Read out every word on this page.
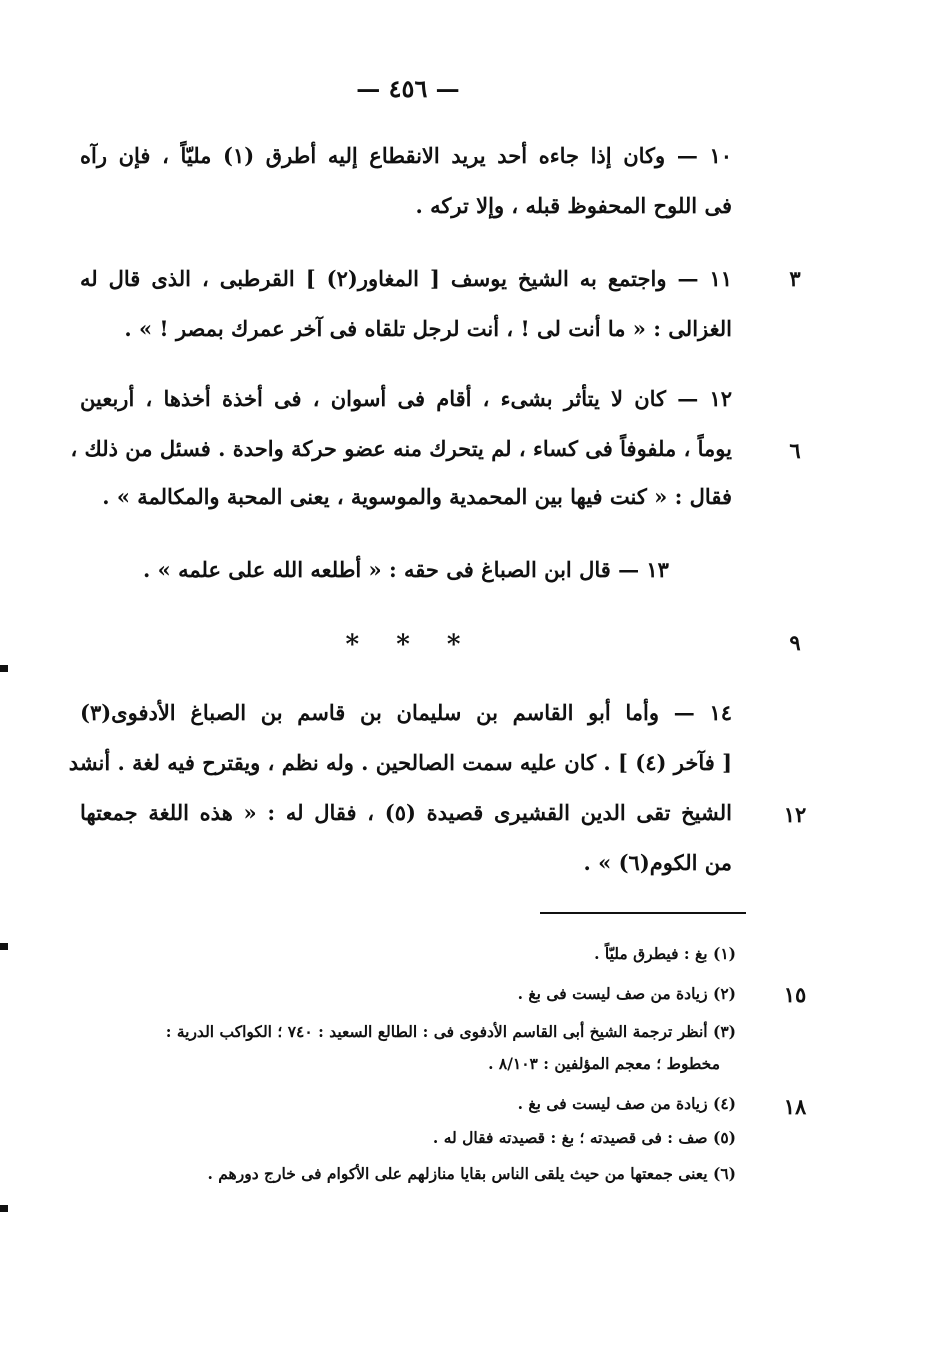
— ٤٥٦ —
١٠ — وكان إذا جاءه أحد يريد الانقطاع إليه أطرق (١) مليّاً ، فإن رآه
فى اللوح المحفوظ قبله ، وإلا تركه .
١١ — واجتمع به الشيخ يوسف [ المغاور(٢) ] القرطبى ، الذى قال له
الغزالى : « ما أنت لى ! ، أنت لرجل تلقاه فى آخر عمرك بمصر ! » .
٣
١٢ — كان لا يتأثر بشىء ، أقام فى أسوان ، فى أخذة أخذها ، أربعين
يوماً ، ملفوفاً فى كساء ، لم يتحرك منه عضو حركة واحدة . فسئل من ذلك ،
فقال : « كنت فيها بين المحمدية والموسوية ، يعنى المحبة والمكالمة » .
٦
١٣ — قال ابن الصباغ فى حقه : « أطلعه الله على علمه » .
* * *	٩
١٤ — وأما أبو القاسم بن سليمان بن قاسم بن الصباغ الأدفوى(٣)
[ فآخر (٤) ] . كان عليه سمت الصالحين . وله نظم ، ويقترح فيه لغة . أنشد
الشيخ تقى الدين القشيرى قصيدة (٥) ، فقال له : « هذه اللغة جمعتها
من الكوم(٦) » .
١٢
(١) بغ : فيطرق مليّاً .
(٢) زيادة من صف ليست فى بغ .	١٥
(٣) أنظر ترجمة الشيخ أبى القاسم الأدفوى فى : الطالع السعيد : ٧٤٠ ؛ الكواكب الدرية :
مخطوط ؛ معجم المؤلفين : ٨/١٠٣ .
(٤) زيادة من صف ليست فى بغ .	١٨
(٥) صف : فى قصيدته ؛ بغ : قصيدته فقال له .
(٦) يعنى جمعتها من حيث يلقى الناس بقايا منازلهم على الأكوام فى خارج دورهم .
